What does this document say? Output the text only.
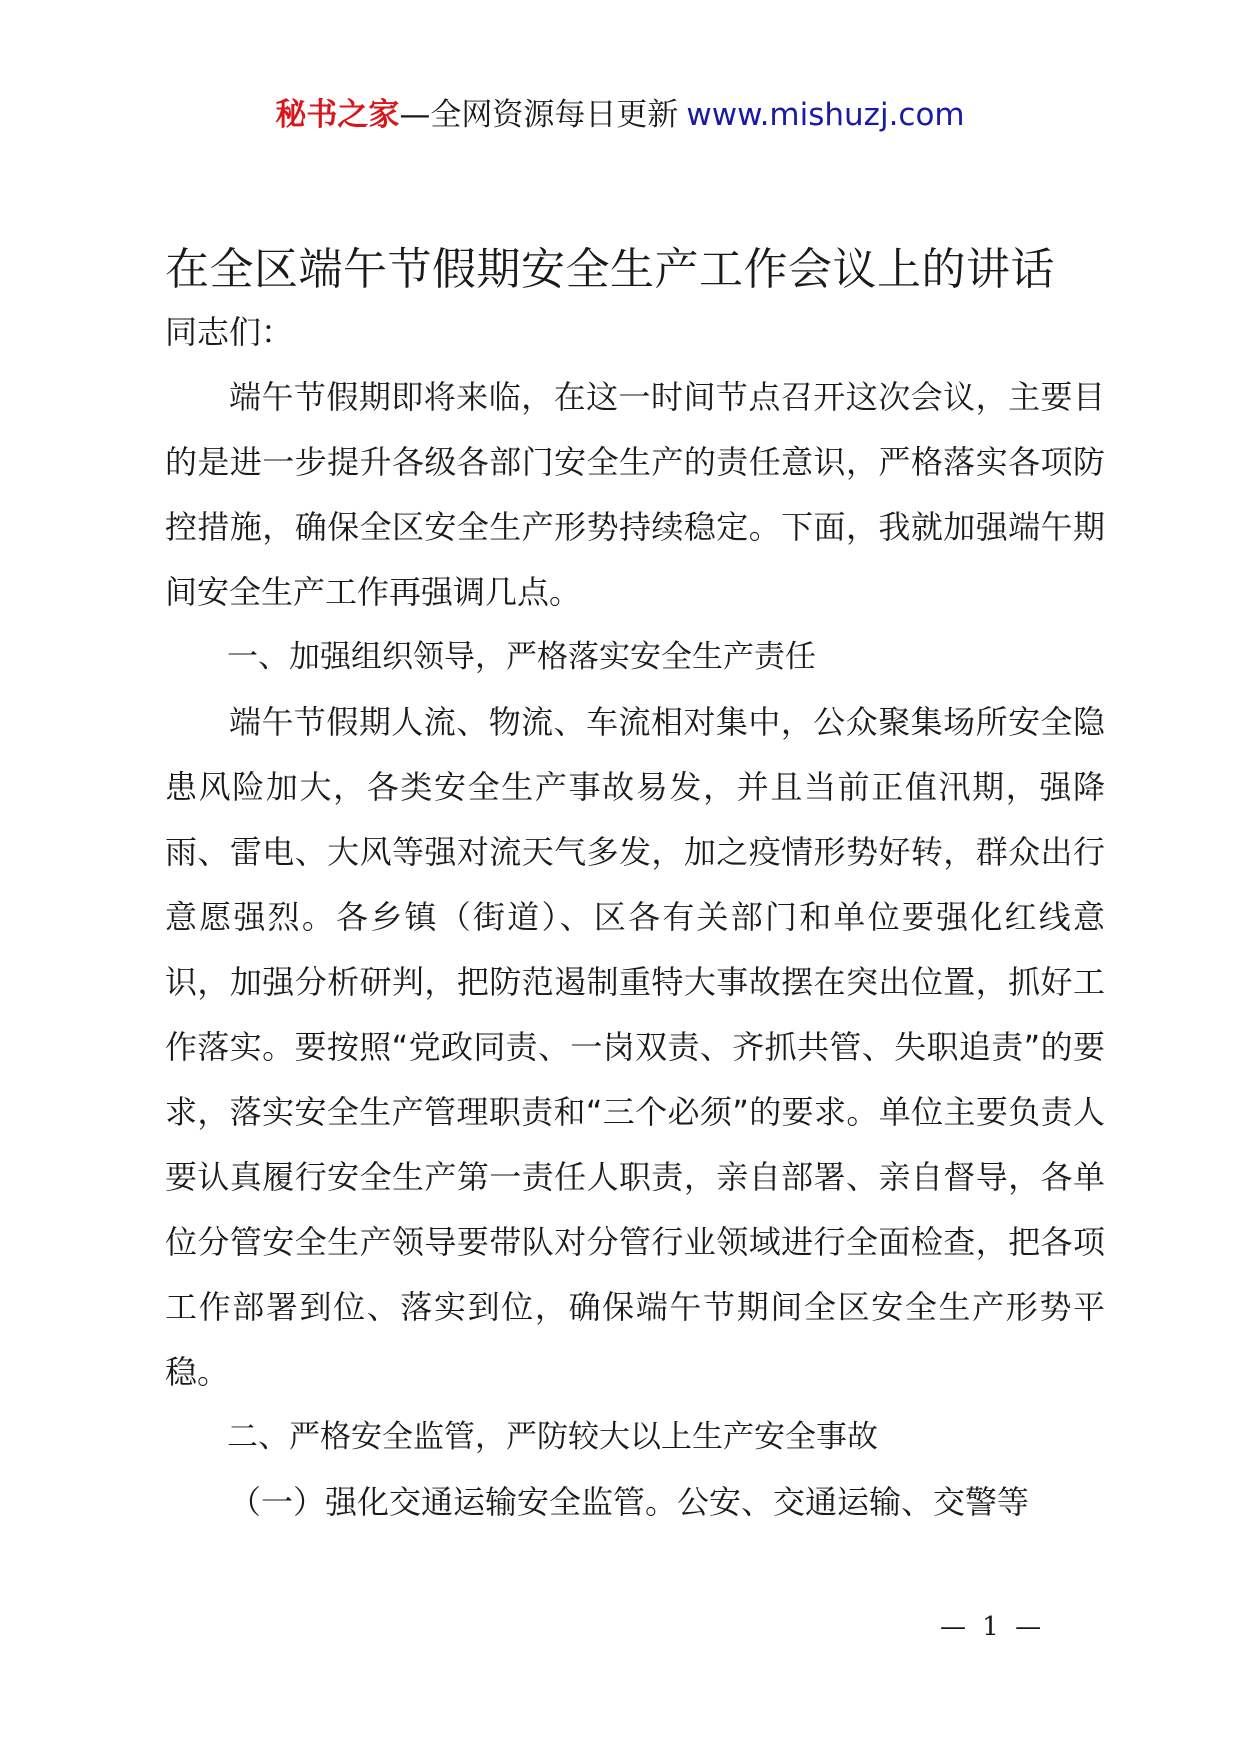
秘书之家—全网资源每日更新 www.mishuzj.com
在全区端午节假期安全生产工作会议上的讲话

同志们：

端午节假期即将来临，在这一时间节点召开这次会议，主要目的是进一步提升各级各部门安全生产的责任意识，严格落实各项防控措施，确保全区安全生产形势持续稳定。下面，我就加强端午期间安全生产工作再强调几点。

一、加强组织领导，严格落实安全生产责任

端午节假期人流、物流、车流相对集中，公众聚集场所安全隐患风险加大，各类安全生产事故易发，并且当前正值汛期，强降雨、雷电、大风等强对流天气多发，加之疫情形势好转，群众出行意愿强烈。各乡镇（街道）、区各有关部门和单位要强化红线意识，加强分析研判，把防范遏制重特大事故摆在突出位置，抓好工作落实。要按照“党政同责、一岗双责、齐抓共管、失职追责”的要求，落实安全生产管理职责和“三个必须”的要求。单位主要负责人要认真履行安全生产第一责任人职责，亲自部署、亲自督导，各单位分管安全生产领导要带队对分管行业领域进行全面检查，把各项工作部署到位、落实到位，确保端午节期间全区安全生产形势平稳。

二、严格安全监管，严防较大以上生产安全事故

（一）强化交通运输安全监管。公安、交通运输、交警等

— 1 —
